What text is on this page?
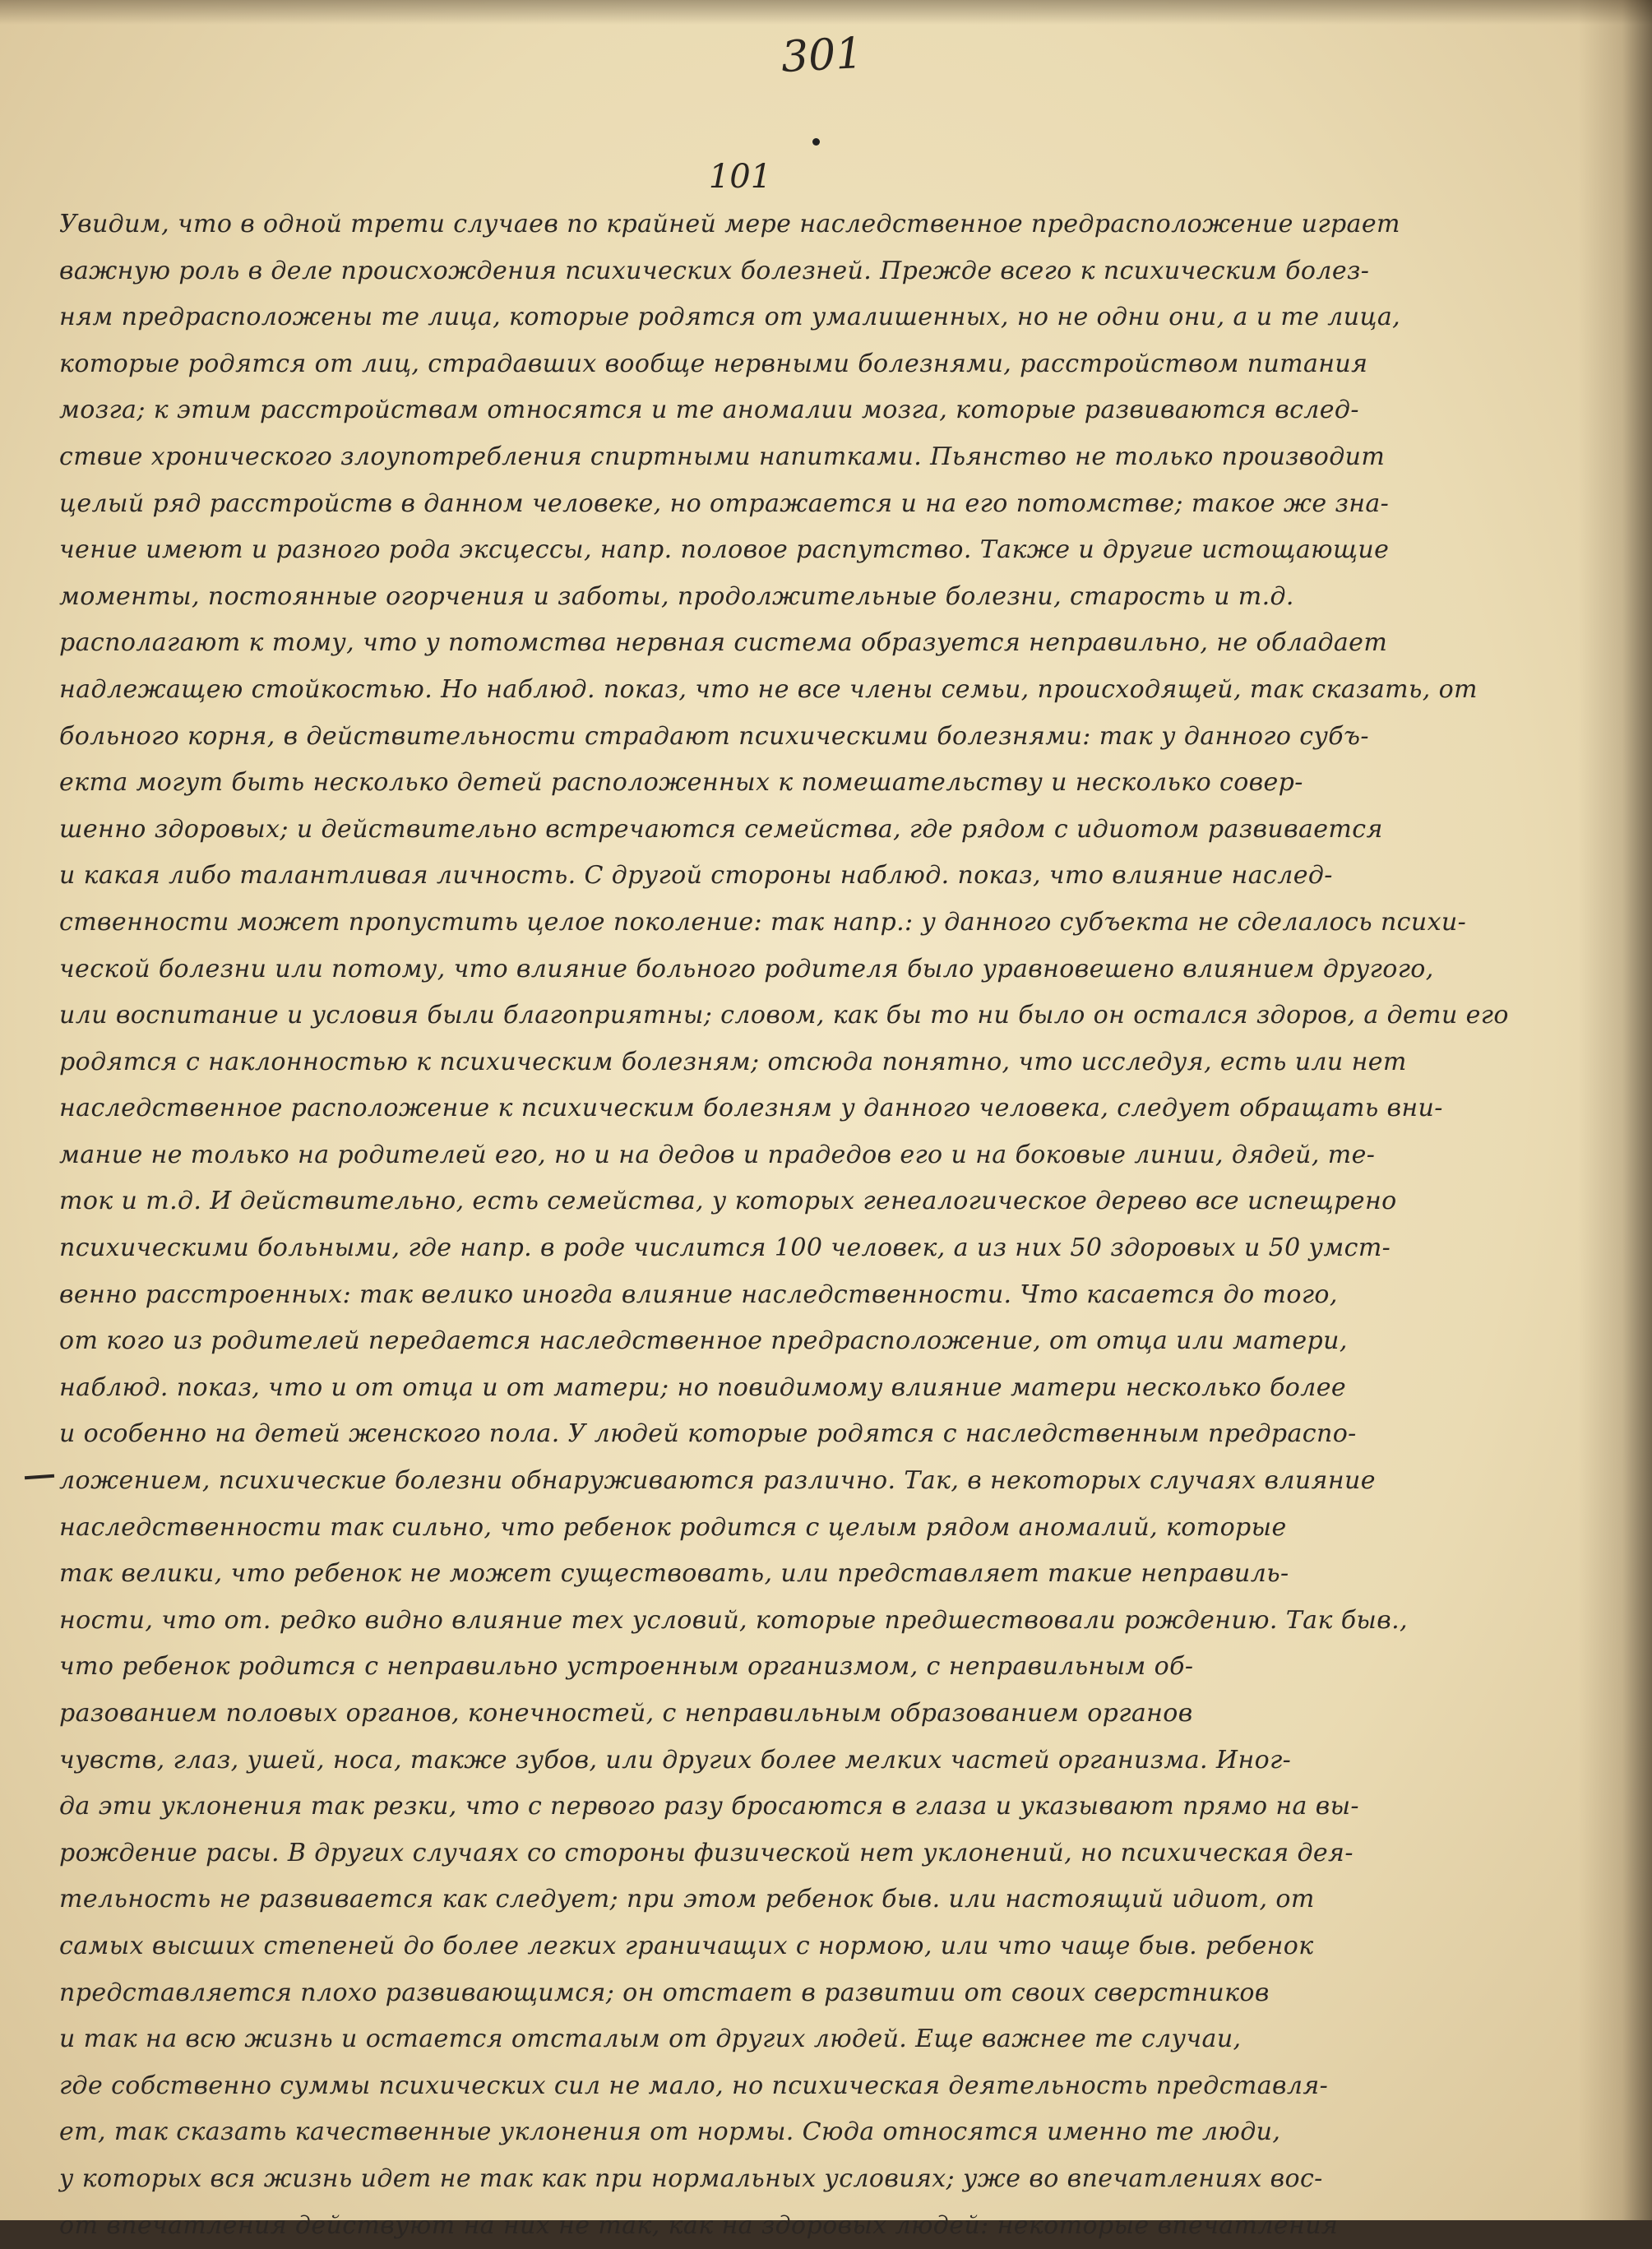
301
101
Увидим, что в одной трети случаев по крайней мере наследственное предрасположение играет
важную роль в деле происхождения психических болезней. Прежде всего к психическим болез-
ням предрасположены те лица, которые родятся от умалишенных, но не одни они, а и те лица,
которые родятся от лиц, страдавших вообще нервными болезнями, расстройством питания
мозга; к этим расстройствам относятся и те аномалии мозга, которые развиваются вслед-
ствие хронического злоупотребления спиртными напитками. Пьянство не только производит
целый ряд расстройств в данном человеке, но отражается и на его потомстве; такое же зна-
чение имеют и разного рода эксцессы, напр. половое распутство. Также и другие истощающие
моменты, постоянные огорчения и заботы, продолжительные болезни, старость и т.д.
располагают к тому, что у потомства нервная система образуется неправильно, не обладает
надлежащею стойкостью. Но наблюд. показ, что не все члены семьи, происходящей, так сказать, от
больного корня, в действительности страдают психическими болезнями: так у данного субъ-
екта могут быть несколько детей расположенных к помешательству и несколько совер-
шенно здоровых; и действительно встречаются семейства, где рядом с идиотом развивается
и какая либо талантливая личность. С другой стороны наблюд. показ, что влияние наслед-
ственности может пропустить целое поколение: так напр.: у данного субъекта не сделалось психи-
ческой болезни или потому, что влияние больного родителя было уравновешено влиянием другого,
или воспитание и условия были благоприятны; словом, как бы то ни было он остался здоров, а дети его
родятся с наклонностью к психическим болезням; отсюда понятно, что исследуя, есть или нет
наследственное расположение к психическим болезням у данного человека, следует обращать вни-
мание не только на родителей его, но и на дедов и прадедов его и на боковые линии, дядей, те-
ток и т.д. И действительно, есть семейства, у которых генеалогическое дерево все испещрено
психическими больными, где напр. в роде числится 100 человек, а из них 50 здоровых и 50 умст-
венно расстроенных: так велико иногда влияние наследственности. Что касается до того,
от кого из родителей передается наследственное предрасположение, от отца или матери,
наблюд. показ, что и от отца и от матери; но повидимому влияние матери несколько более
и особенно на детей женского пола. У людей которые родятся с наследственным предраспо-
ложением, психические болезни обнаруживаются различно. Так, в некоторых случаях влияние
наследственности так сильно, что ребенок родится с целым рядом аномалий, которые
так велики, что ребенок не может существовать, или представляет такие неправиль-
ности, что от. редко видно влияние тех условий, которые предшествовали рождению. Так быв.,
что ребенок родится с неправильно устроенным организмом, с неправильным об-
разованием половых органов, конечностей, с неправильным образованием органов
чувств, глаз, ушей, носа, также зубов, или других более мелких частей организма. Иног-
да эти уклонения так резки, что с первого разу бросаются в глаза и указывают прямо на вы-
рождение расы. В других случаях со стороны физической нет уклонений, но психическая дея-
тельность не развивается как следует; при этом ребенок быв. или настоящий идиот, от
самых высших степеней до более легких граничащих с нормою, или что чаще быв. ребенок
представляется плохо развивающимся; он отстает в развитии от своих сверстников
и так на всю жизнь и остается отсталым от других людей. Еще важнее те случаи,
где собственно суммы психических сил не мало, но психическая деятельность представля-
ет, так сказать качественные уклонения от нормы. Сюда относятся именно те люди,
у которых вся жизнь идет не так как при нормальных условиях; уже во впечатлениях вос-
от впечатления действуют на них не так, как на здоровых людей: некоторые впечатления
